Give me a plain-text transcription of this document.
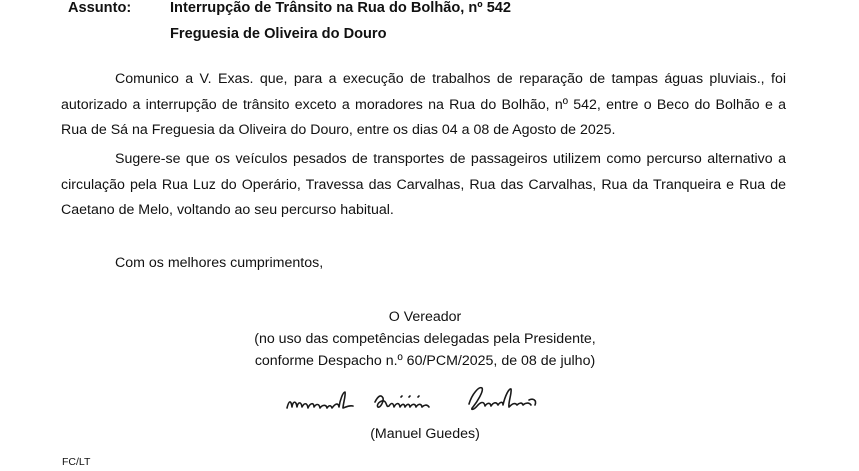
Assunto:	Interrupção de Trânsito na Rua do Bolhão, nº 542
Freguesia de Oliveira do Douro

Comunico a V. Exas. que, para a execução de trabalhos de reparação de tampas águas pluviais., foi autorizado a interrupção de trânsito exceto a moradores na Rua do Bolhão, nº 542, entre o Beco do Bolhão e a Rua de Sá na Freguesia da Oliveira do Douro, entre os dias 04 a 08 de Agosto de 2025.

Sugere-se que os veículos pesados de transportes de passageiros utilizem como percurso alternativo a circulação pela Rua Luz do Operário, Travessa das Carvalhas, Rua das Carvalhas, Rua da Tranqueira e Rua de Caetano de Melo, voltando ao seu percurso habitual.

Com os melhores cumprimentos,
O Vereador
(no uso das competências delegadas pela Presidente,
conforme Despacho n.º 60/PCM/2025, de 08 de julho)
(Manuel Guedes)
FC/LT
